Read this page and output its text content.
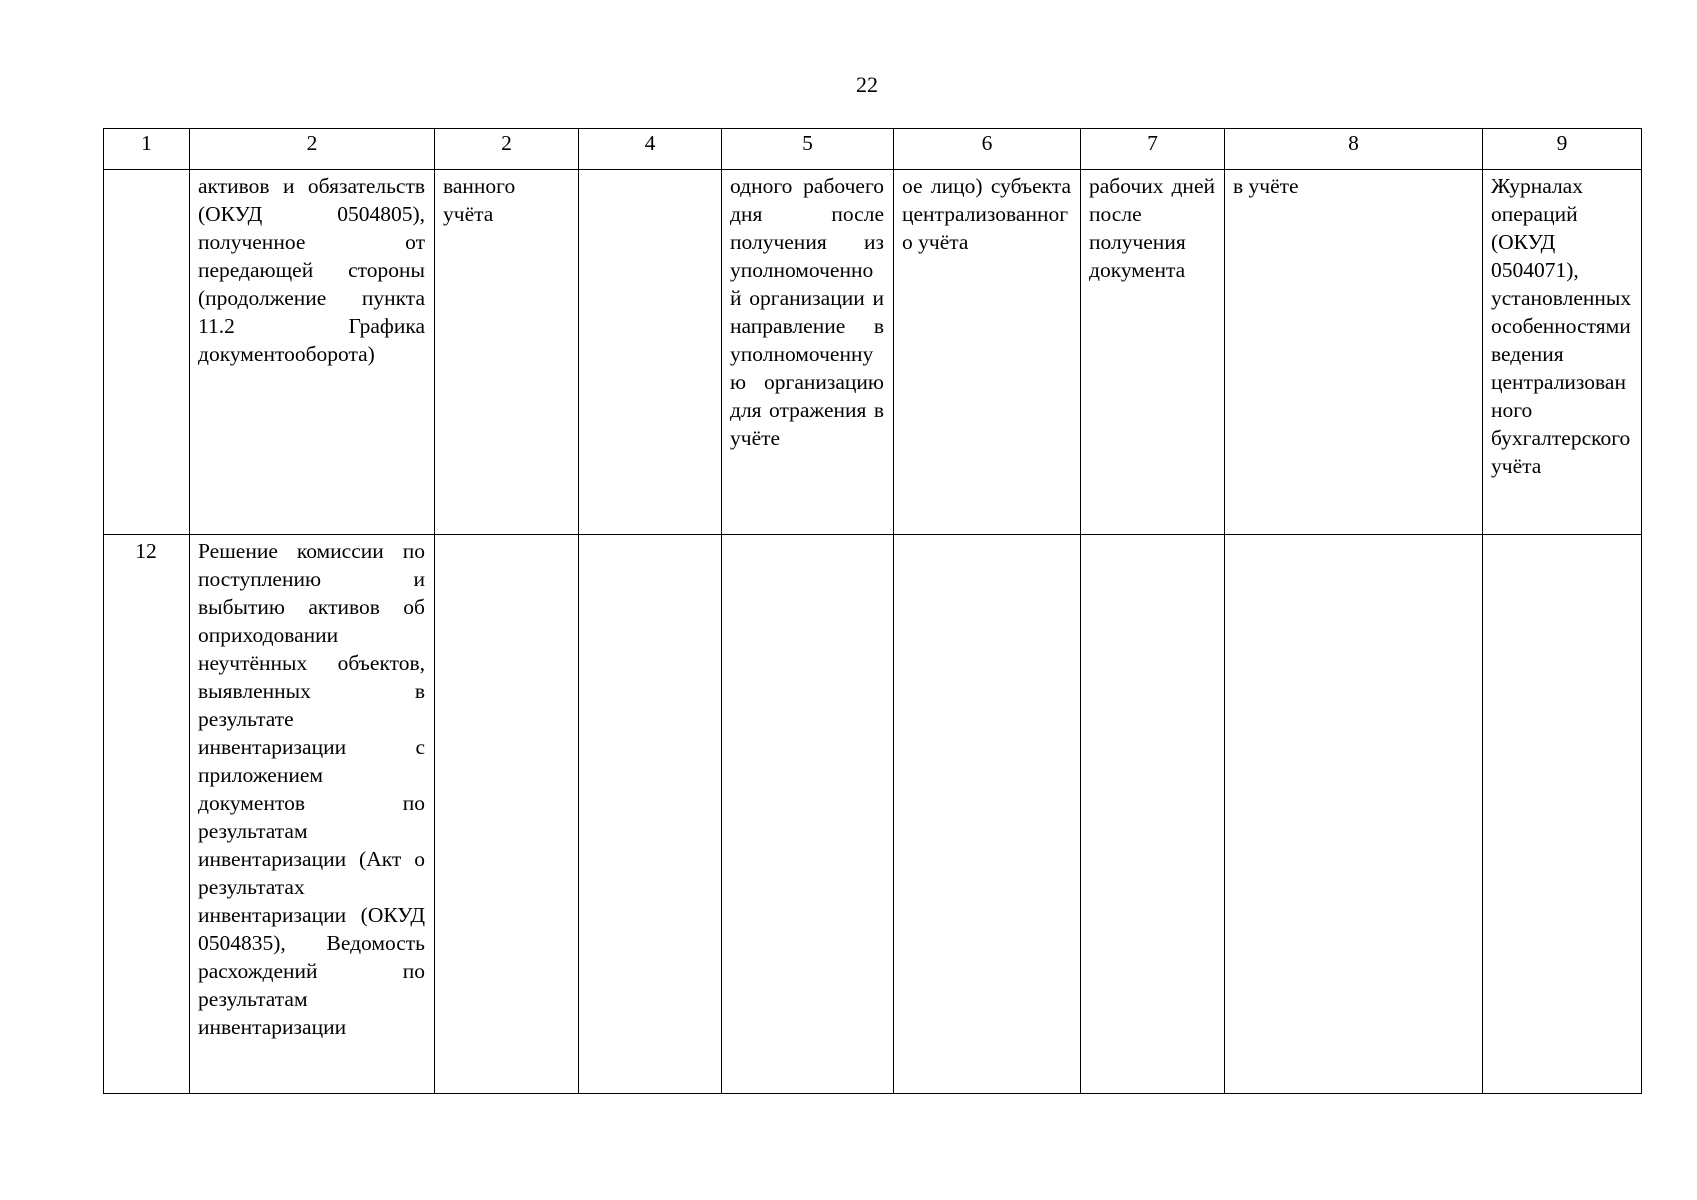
22
1	2	2	4	5	6	7	8	9
	активов и обязательств (ОКУД 0504805), полученное от передающей стороны (продолжение пункта 11.2 Графика документооборота)	ванного учёта		одного рабочего дня после получения из уполномоченной организации и направление в уполномоченную организацию для отражения в учёте	ое лицо) субъекта централизованного учёта	рабочих дней после получения документа	в учёте	Журналах операций (ОКУД 0504071), установленных особенностями ведения централизованного бухгалтерского учёта
12	Решение комиссии по поступлению и выбытию активов об оприходовании неучтённых объектов, выявленных в результате инвентаризации с приложением документов по результатам инвентаризации (Акт о результатах инвентаризации (ОКУД 0504835), Ведомость расхождений по результатам инвентаризации							
